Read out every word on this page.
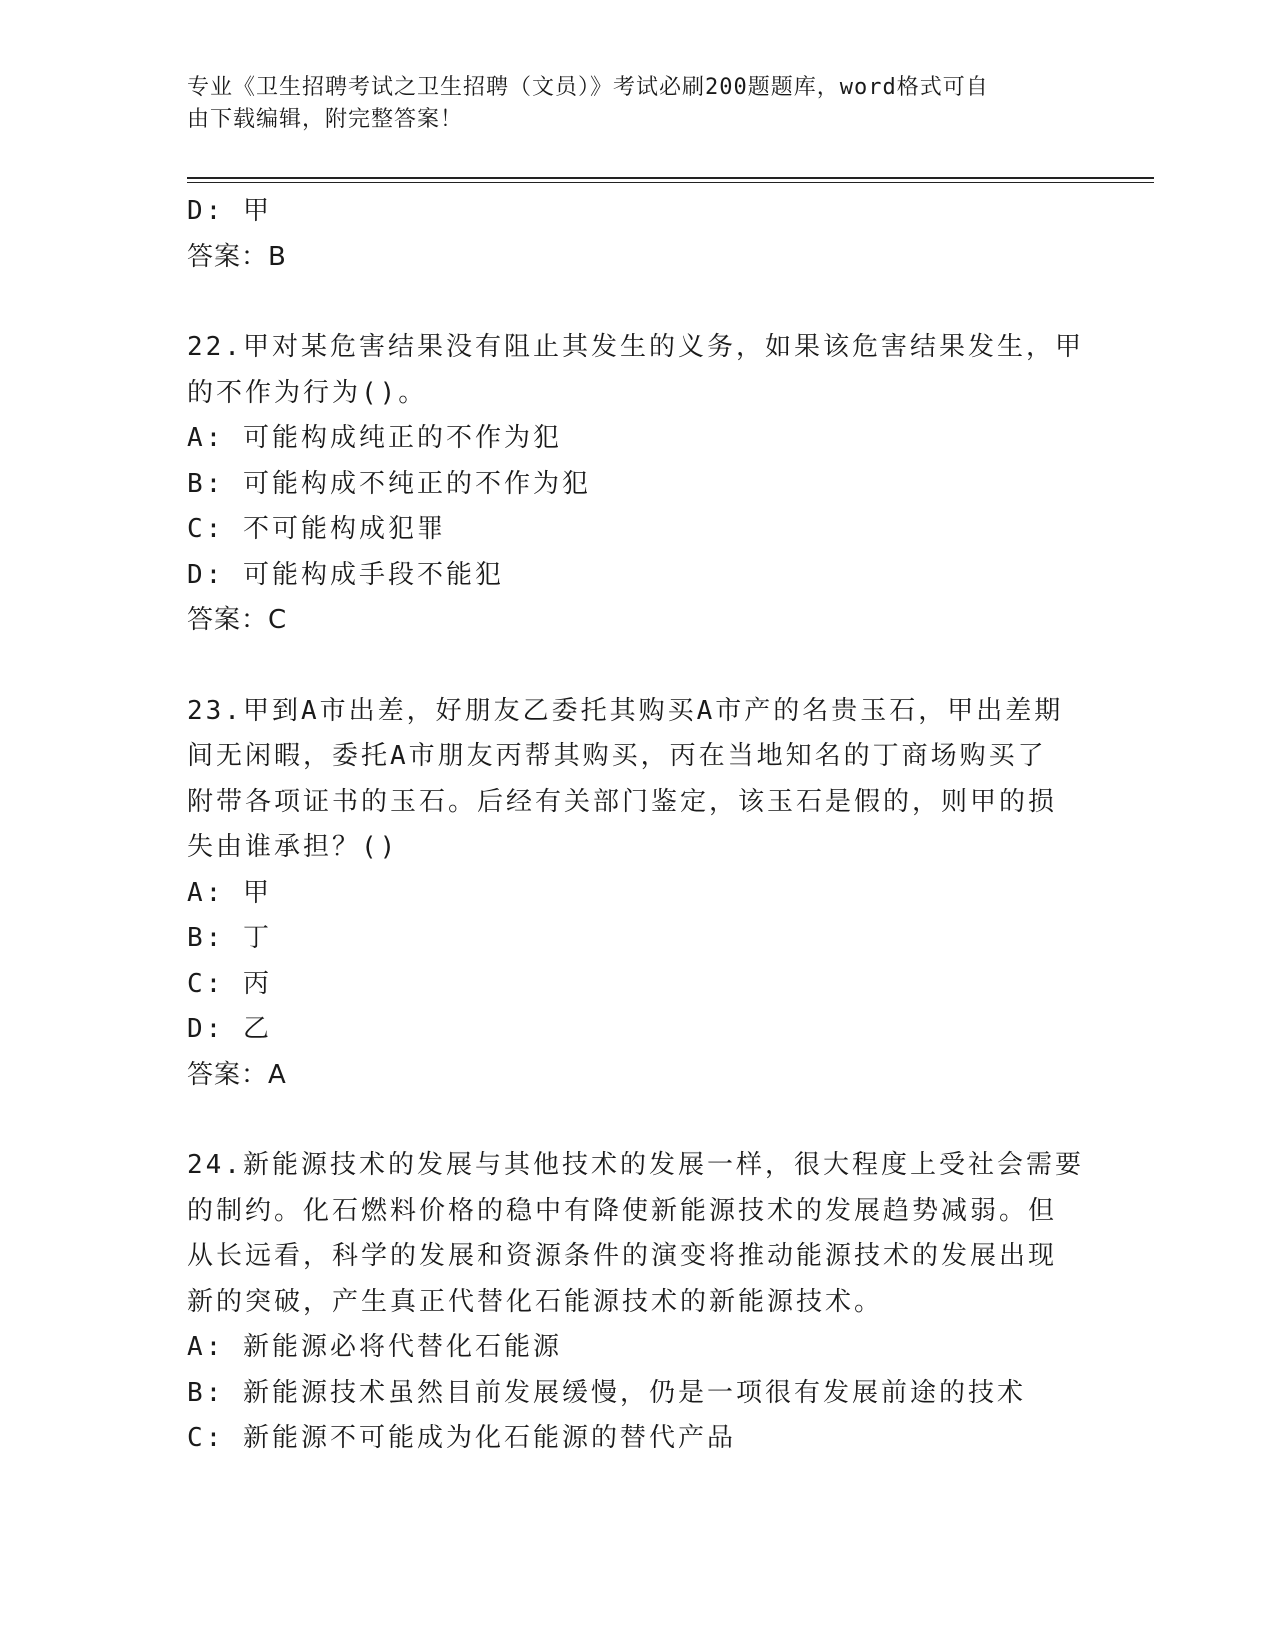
专业《卫生招聘考试之卫生招聘（文员）》考试必刷200题题库，word格式可自
由下载编辑，附完整答案！
D: 甲
答案：B
22.甲对某危害结果没有阻止其发生的义务，如果该危害结果发生，甲
的不作为行为()。
A: 可能构成纯正的不作为犯
B: 可能构成不纯正的不作为犯
C: 不可能构成犯罪
D: 可能构成手段不能犯
答案：C
23.甲到A市出差，好朋友乙委托其购买A市产的名贵玉石，甲出差期
间无闲暇，委托A市朋友丙帮其购买，丙在当地知名的丁商场购买了
附带各项证书的玉石。后经有关部门鉴定，该玉石是假的，则甲的损
失由谁承担？()
A: 甲
B: 丁
C: 丙
D: 乙
答案：A
24.新能源技术的发展与其他技术的发展一样，很大程度上受社会需要
的制约。化石燃料价格的稳中有降使新能源技术的发展趋势减弱。但
从长远看，科学的发展和资源条件的演变将推动能源技术的发展出现
新的突破，产生真正代替化石能源技术的新能源技术。
A: 新能源必将代替化石能源
B: 新能源技术虽然目前发展缓慢，仍是一项很有发展前途的技术
C: 新能源不可能成为化石能源的替代产品
